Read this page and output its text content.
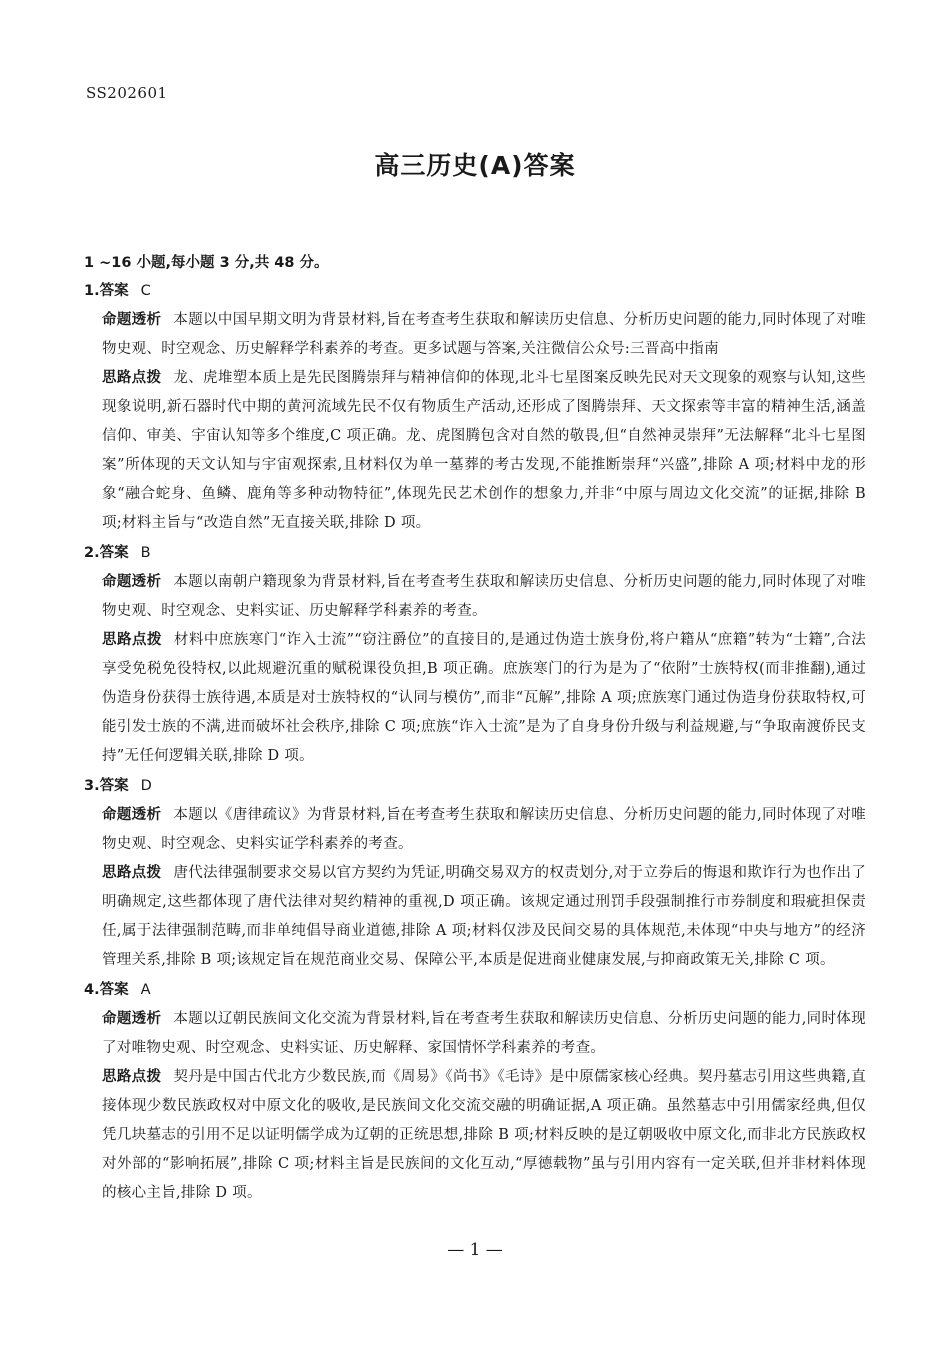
SS202601
高三历史(A)答案
1 ~16 小题,每小题 3 分,共 48 分。
1.答案 C

命题透析 本题以中国早期文明为背景材料,旨在考查考生获取和解读历史信息、分析历史问题的能力,同时体现了对唯物史观、时空观念、历史解释学科素养的考查。更多试题与答案,关注微信公众号:三晋高中指南

思路点拨 龙、虎堆塑本质上是先民图腾崇拜与精神信仰的体现,北斗七星图案反映先民对天文现象的观察与认知,这些现象说明,新石器时代中期的黄河流域先民不仅有物质生产活动,还形成了图腾崇拜、天文探索等丰富的精神生活,涵盖信仰、审美、宇宙认知等多个维度,C 项正确。龙、虎图腾包含对自然的敬畏,但“自然神灵崇拜”无法解释“北斗七星图案”所体现的天文认知与宇宙观探索,且材料仅为单一墓葬的考古发现,不能推断崇拜“兴盛”,排除 A 项;材料中龙的形象“融合蛇身、鱼鳞、鹿角等多种动物特征”,体现先民艺术创作的想象力,并非“中原与周边文化交流”的证据,排除 B 项;材料主旨与“改造自然”无直接关联,排除 D 项。

2.答案 B

命题透析 本题以南朝户籍现象为背景材料,旨在考查考生获取和解读历史信息、分析历史问题的能力,同时体现了对唯物史观、时空观念、史料实证、历史解释学科素养的考查。

思路点拨 材料中庶族寒门“诈入士流”“窃注爵位”的直接目的,是通过伪造士族身份,将户籍从“庶籍”转为“士籍”,合法享受免税免役特权,以此规避沉重的赋税课役负担,B 项正确。庶族寒门的行为是为了“依附”士族特权(而非推翻),通过伪造身份获得士族待遇,本质是对士族特权的“认同与模仿”,而非“瓦解”,排除 A 项;庶族寒门通过伪造身份获取特权,可能引发士族的不满,进而破坏社会秩序,排除 C 项;庶族“诈入士流”是为了自身身份升级与利益规避,与“争取南渡侨民支持”无任何逻辑关联,排除 D 项。

3.答案 D

命题透析 本题以《唐律疏议》为背景材料,旨在考查考生获取和解读历史信息、分析历史问题的能力,同时体现了对唯物史观、时空观念、史料实证学科素养的考查。

思路点拨 唐代法律强制要求交易以官方契约为凭证,明确交易双方的权责划分,对于立券后的悔退和欺诈行为也作出了明确规定,这些都体现了唐代法律对契约精神的重视,D 项正确。该规定通过刑罚手段强制推行市券制度和瑕疵担保责任,属于法律强制范畴,而非单纯倡导商业道德,排除 A 项;材料仅涉及民间交易的具体规范,未体现“中央与地方”的经济管理关系,排除 B 项;该规定旨在规范商业交易、保障公平,本质是促进商业健康发展,与抑商政策无关,排除 C 项。

4.答案 A

命题透析 本题以辽朝民族间文化交流为背景材料,旨在考查考生获取和解读历史信息、分析历史问题的能力,同时体现了对唯物史观、时空观念、史料实证、历史解释、家国情怀学科素养的考查。

思路点拨 契丹是中国古代北方少数民族,而《周易》《尚书》《毛诗》是中原儒家核心经典。契丹墓志引用这些典籍,直接体现少数民族政权对中原文化的吸收,是民族间文化交流交融的明确证据,A 项正确。虽然墓志中引用儒家经典,但仅凭几块墓志的引用不足以证明儒学成为辽朝的正统思想,排除 B 项;材料反映的是辽朝吸收中原文化,而非北方民族政权对外部的“影响拓展”,排除 C 项;材料主旨是民族间的文化互动,“厚德载物”虽与引用内容有一定关联,但并非材料体现的核心主旨,排除 D 项。

— 1 —
